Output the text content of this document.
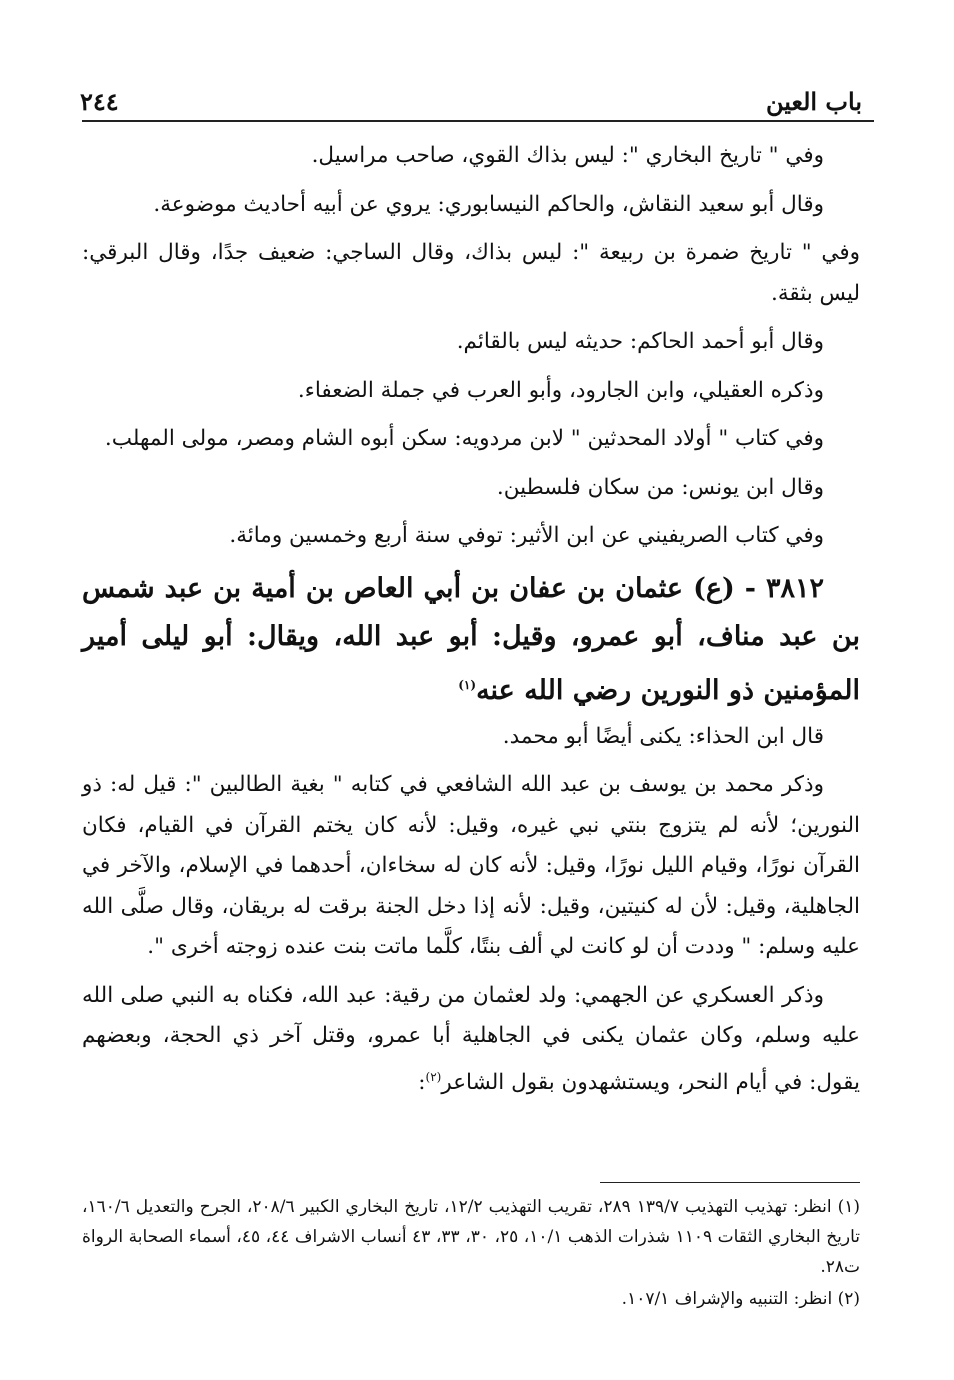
باب العين
٢٤٤

وفي " تاريخ البخاري ": ليس بذاك القوي، صاحب مراسيل.

وقال أبو سعيد النقاش، والحاكم النيسابوري: يروي عن أبيه أحاديث موضوعة.

وفي " تاريخ ضمرة بن ربيعة ": ليس بذاك، وقال الساجي: ضعيف جدًا، وقال البرقي: ليس بثقة.

وقال أبو أحمد الحاكم: حديثه ليس بالقائم.

وذكره العقيلي، وابن الجارود، وأبو العرب في جملة الضعفاء.

وفي كتاب " أولاد المحدثين " لابن مردويه: سكن أبوه الشام ومصر، مولى المهلب.

وقال ابن يونس: من سكان فلسطين.

وفي كتاب الصريفيني عن ابن الأثير: توفي سنة أربع وخمسين ومائة.

٣٨١٢ - (ع) عثمان بن عفان بن أبي العاص بن أمية بن عبد شمس بن عبد مناف، أبو عمرو، وقيل: أبو عبد الله، ويقال: أبو ليلى أمير المؤمنين ذو النورين رضي الله عنه$^{(١)}$

قال ابن الحذاء: يكنى أيضًا أبو محمد.

وذكر محمد بن يوسف بن عبد الله الشافعي في كتابه " بغية الطالبين ": قيل له: ذو النورين؛ لأنه لم يتزوج بنتي نبي غيره، وقيل: لأنه كان يختم القرآن في القيام، فكان القرآن نورًا، وقيام الليل نورًا، وقيل: لأنه كان له سخاءان، أحدهما في الإسلام، والآخر في الجاهلية، وقيل: لأن له كنيتين، وقيل: لأنه إذا دخل الجنة برقت له بريقان، وقال صلَّى الله عليه وسلم: " وددت أن لو كانت لي ألف بنتًا، كلَّما ماتت بنت عنده زوجته أخرى ".

وذكر العسكري عن الجهمي: ولد لعثمان من رقية: عبد الله، فكناه به النبي صلى الله عليه وسلم، وكان عثمان يكنى في الجاهلية أبا عمرو، وقتل آخر ذي الحجة، وبعضهم يقول: في أيام النحر، ويستشهدون بقول الشاعر$^{(٢)}$:

(١) انظر: تهذيب التهذيب ١٣٩/٧ ٢٨٩، تقريب التهذيب ١٢/٢، تاريخ البخاري الكبير ٢٠٨/٦، الجرح والتعديل ١٦٠/٦، تاريخ البخاري الثقات ١١٠٩ شذرات الذهب ١٠/١، ٢٥، ٣٠، ٣٣، ٤٣ أنساب الاشراف ٤٤، ٤٥، أسماء الصحابة الرواة ت٢٨.

(٢) انظر: التنبيه والإشراف ١٠٧/١.
